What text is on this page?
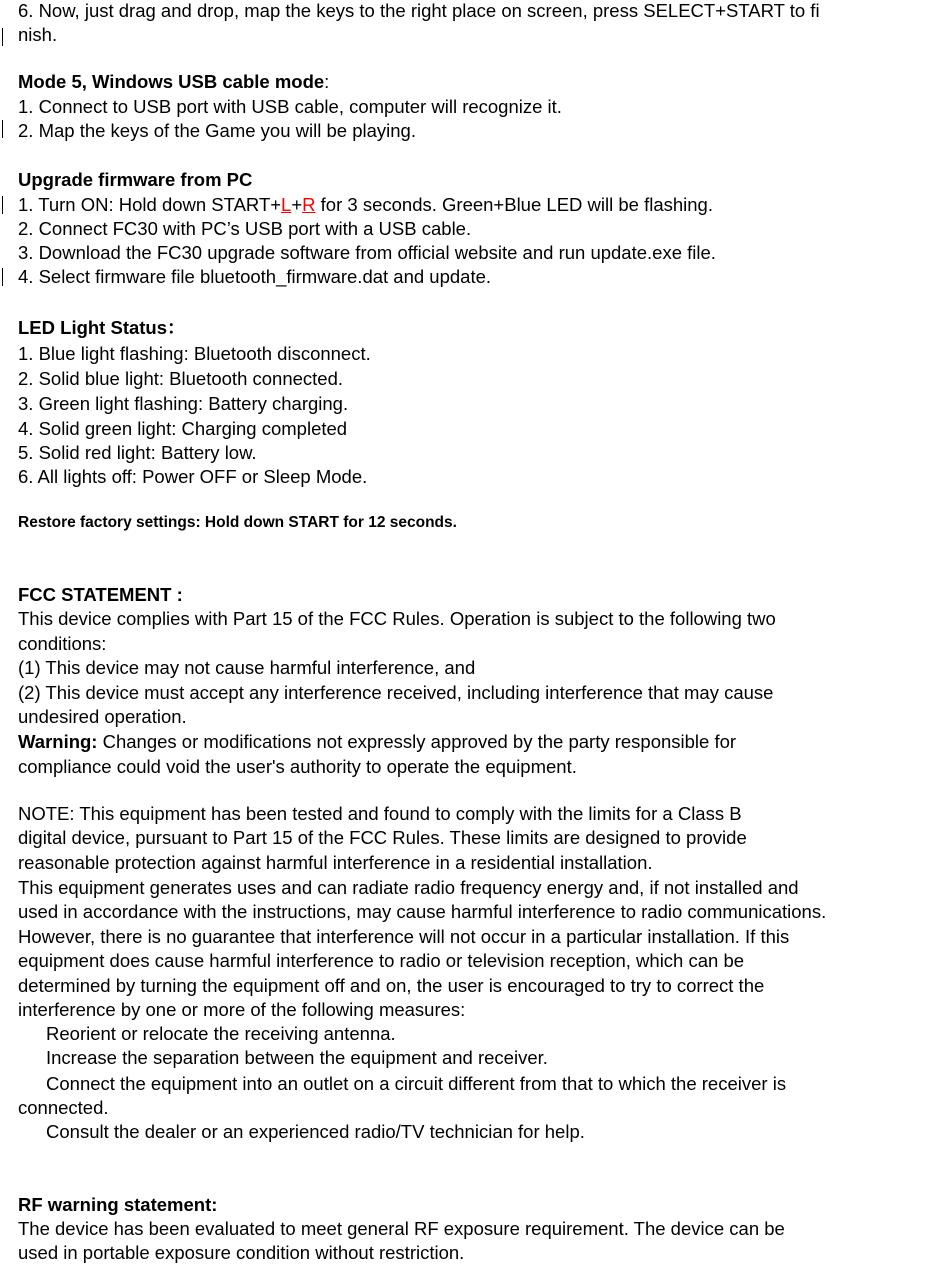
6. Now, just drag and drop, map the keys to the right place on screen, press SELECT+START to fi
nish.
Mode 5, Windows USB cable mode:
1. Connect to USB port with USB cable, computer will recognize it.
2. Map the keys of the Game you will be playing.
Upgrade firmware from PC
1. Turn ON: Hold down START+L+R for 3 seconds. Green+Blue LED will be flashing.
2. Connect FC30 with PC’s USB port with a USB cable.
3. Download the FC30 upgrade software from official website and run update.exe file.
4. Select firmware file bluetooth_firmware.dat and update.
LED Light Status：
1. Blue light flashing: Bluetooth disconnect.
2. Solid blue light: Bluetooth connected.
3. Green light flashing: Battery charging.
4. Solid green light: Charging completed
5. Solid red light: Battery low.
6. All lights off: Power OFF or Sleep Mode.
Restore factory settings: Hold down START for 12 seconds.
FCC STATEMENT :
This device complies with Part 15 of the FCC Rules. Operation is subject to the following two
conditions:
(1) This device may not cause harmful interference, and
(2) This device must accept any interference received, including interference that may cause
undesired operation.
Warning: Changes or modifications not expressly approved by the party responsible for
compliance could void the user's authority to operate the equipment.
NOTE: This equipment has been tested and found to comply with the limits for a Class B
digital device, pursuant to Part 15 of the FCC Rules. These limits are designed to provide
reasonable protection against harmful interference in a residential installation.
This equipment generates uses and can radiate radio frequency energy and, if not installed and
used in accordance with the instructions, may cause harmful interference to radio communications.
However, there is no guarantee that interference will not occur in a particular installation. If this
equipment does cause harmful interference to radio or television reception, which can be
determined by turning the equipment off and on, the user is encouraged to try to correct the
interference by one or more of the following measures:
Reorient or relocate the receiving antenna.
Increase the separation between the equipment and receiver.
Connect the equipment into an outlet on a circuit different from that to which the receiver is
connected.
Consult the dealer or an experienced radio/TV technician for help.
RF warning statement:
The device has been evaluated to meet general RF exposure requirement. The device can be
used in portable exposure condition without restriction.
